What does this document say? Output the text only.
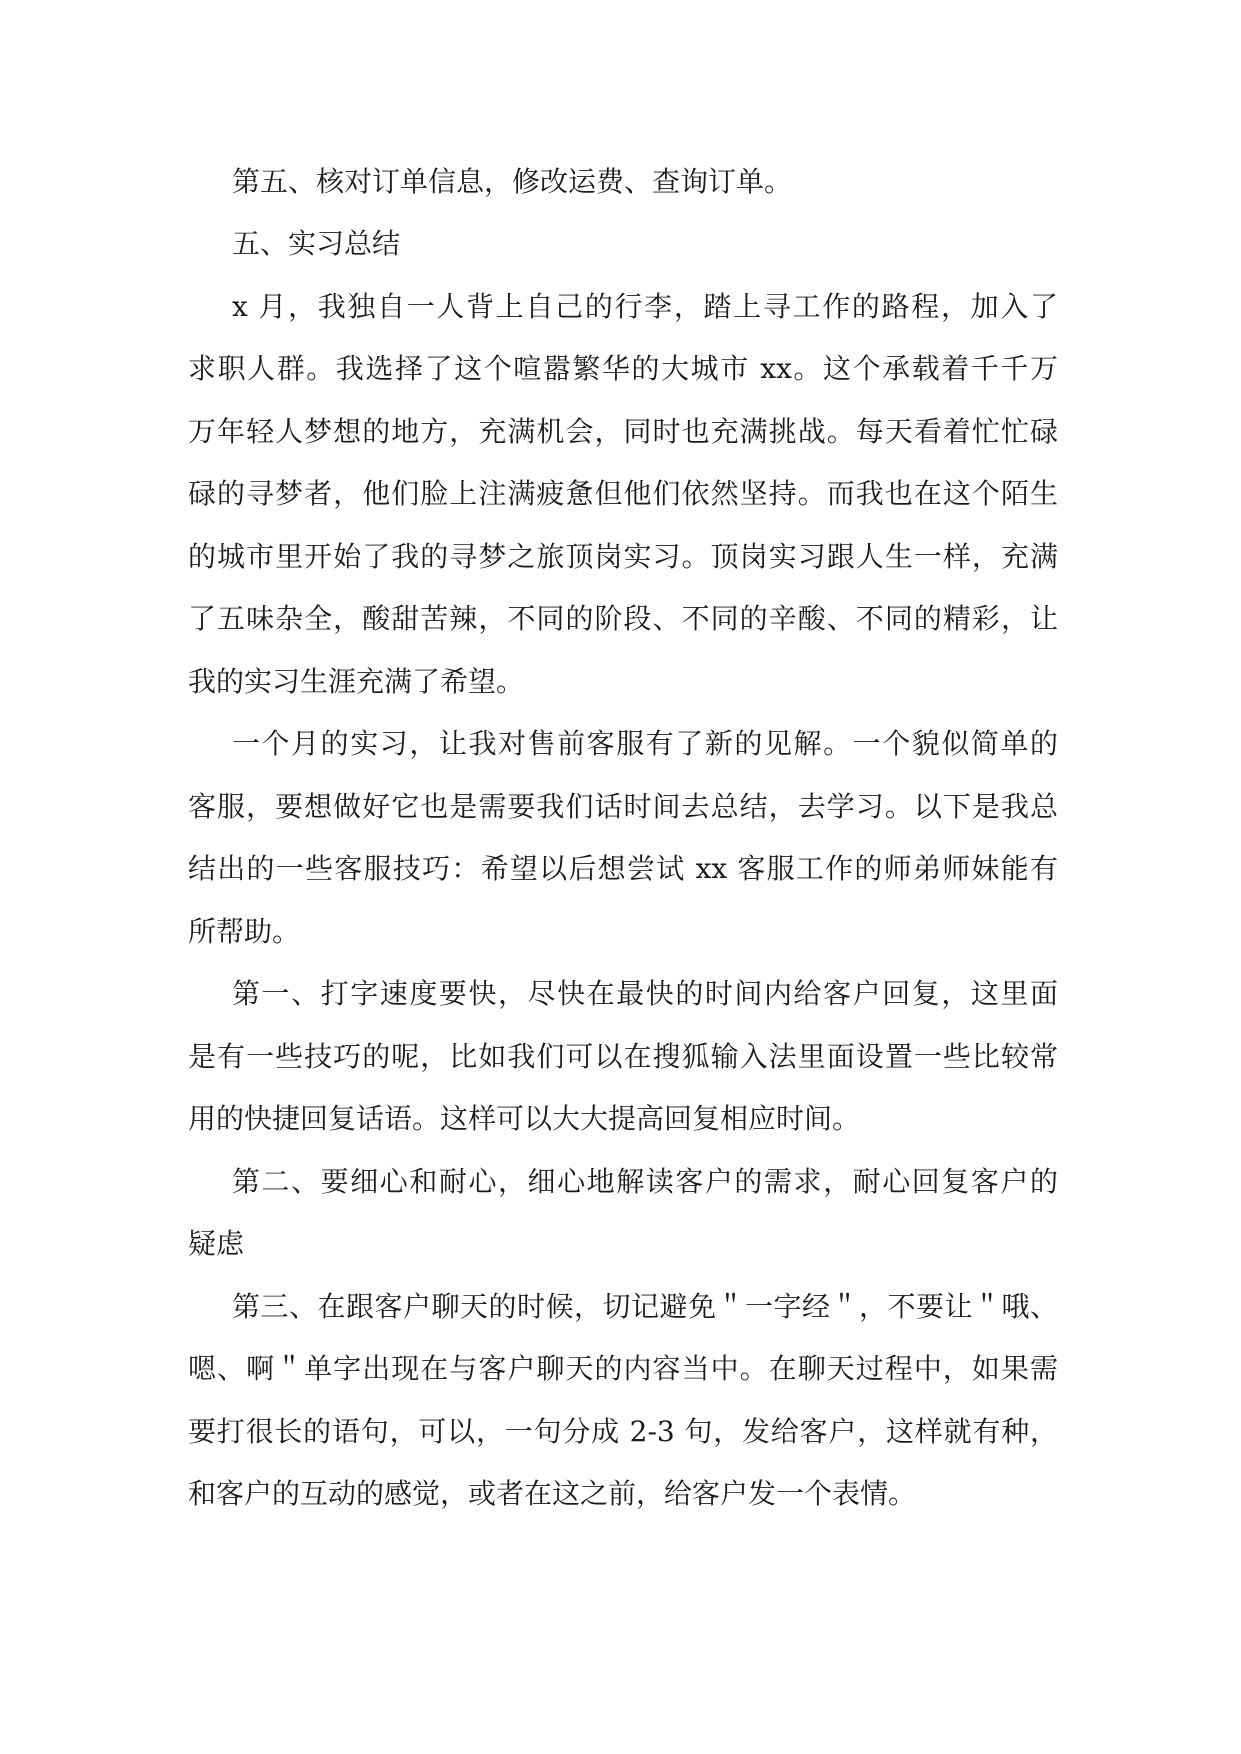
第五、核对订单信息，修改运费、查询订单。
五、实习总结
x 月，我独自一人背上自己的行李，踏上寻工作的路程，加入了
求职人群。我选择了这个喧嚣繁华的大城市 xx。这个承载着千千万
万年轻人梦想的地方，充满机会，同时也充满挑战。每天看着忙忙碌
碌的寻梦者，他们脸上注满疲惫但他们依然坚持。而我也在这个陌生
的城市里开始了我的寻梦之旅顶岗实习。顶岗实习跟人生一样，充满
了五味杂全，酸甜苦辣，不同的阶段、不同的辛酸、不同的精彩，让
我的实习生涯充满了希望。
一个月的实习，让我对售前客服有了新的见解。一个貌似简单的
客服，要想做好它也是需要我们话时间去总结，去学习。以下是我总
结出的一些客服技巧：希望以后想尝试 xx 客服工作的师弟师妹能有
所帮助。
第一、打字速度要快，尽快在最快的时间内给客户回复，这里面
是有一些技巧的呢，比如我们可以在搜狐输入法里面设置一些比较常
用的快捷回复话语。这样可以大大提高回复相应时间。
第二、要细心和耐心，细心地解读客户的需求，耐心回复客户的
疑虑
第三、在跟客户聊天的时候，切记避免＂一字经＂，不要让＂哦、
嗯、啊＂单字出现在与客户聊天的内容当中。在聊天过程中，如果需
要打很长的语句，可以，一句分成 2-3 句，发给客户，这样就有种，
和客户的互动的感觉，或者在这之前，给客户发一个表情。
